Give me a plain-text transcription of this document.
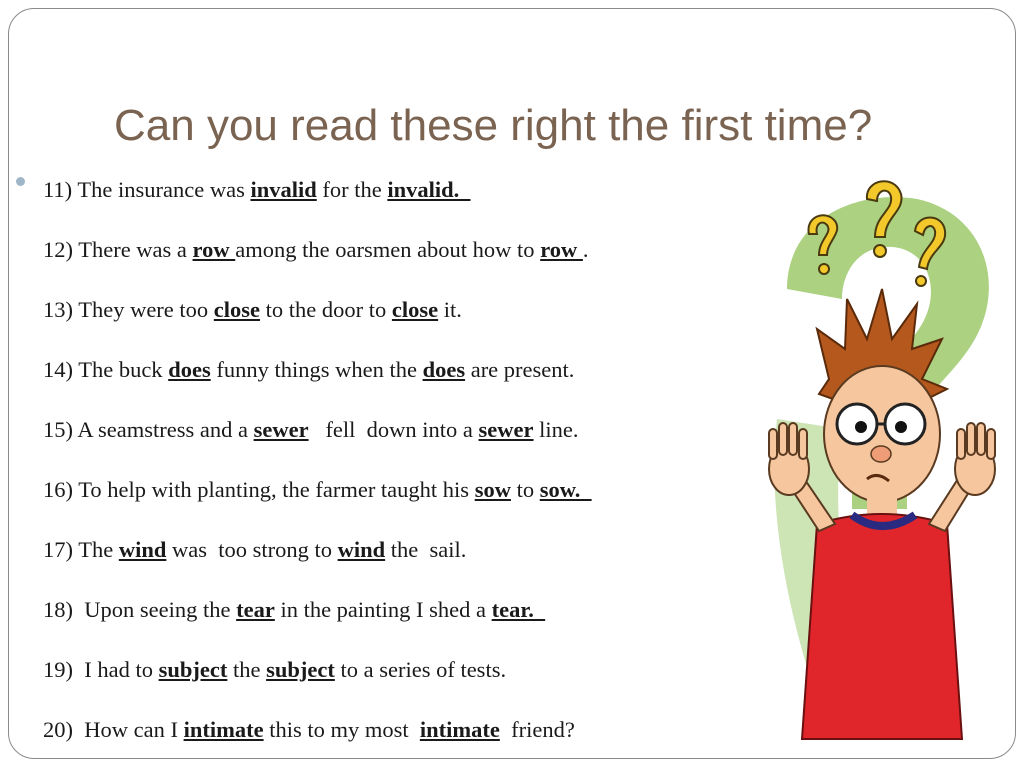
Can you read these right the first time?
11) The insurance was invalid for the invalid.
12) There was a row among the oarsmen about how to row .
13) They were too close to the door to close it.
14) The buck does funny things when the does are present.
15) A seamstress and a sewer   fell  down into a sewer line.
16) To help with planting, the farmer taught his sow to sow.
17) The wind was  too strong to wind the  sail.
18)  Upon seeing the tear in the painting I shed a tear.
19)  I had to subject the subject to a series of tests.
20)  How can I intimate this to my most  intimate  friend?
